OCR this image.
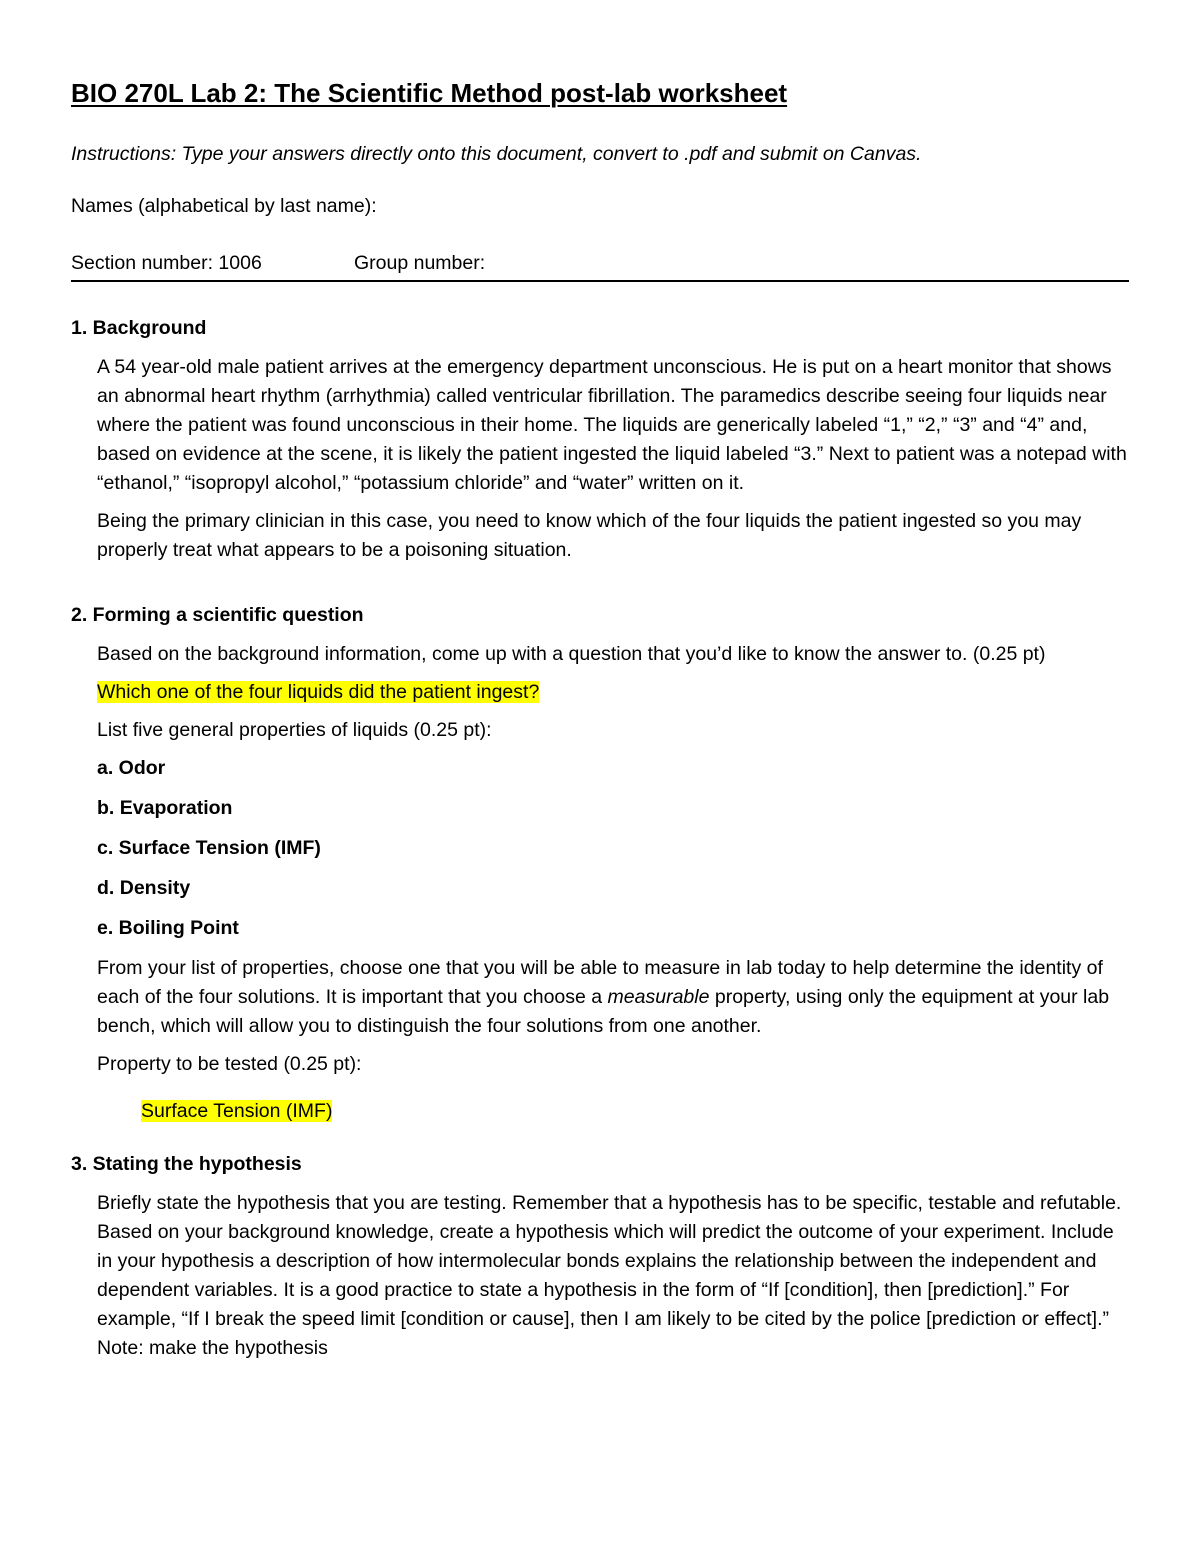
BIO 270L Lab 2: The Scientific Method post-lab worksheet
Instructions: Type your answers directly onto this document, convert to .pdf and submit on Canvas.
Names (alphabetical by last name):
Section number: 1006	Group number:
1. Background

A 54 year-old male patient arrives at the emergency department unconscious. He is put on a heart monitor that shows an abnormal heart rhythm (arrhythmia) called ventricular fibrillation. The paramedics describe seeing four liquids near where the patient was found unconscious in their home. The liquids are generically labeled “1,” “2,” “3” and “4” and, based on evidence at the scene, it is likely the patient ingested the liquid labeled “3.” Next to patient was a notepad with “ethanol,” “isopropyl alcohol,” “potassium chloride” and “water” written on it.

Being the primary clinician in this case, you need to know which of the four liquids the patient ingested so you may properly treat what appears to be a poisoning situation.

2. Forming a scientific question

Based on the background information, come up with a question that you’d like to know the answer to. (0.25 pt)

Which one of the four liquids did the patient ingest?

List five general properties of liquids (0.25 pt):

a. Odor
b. Evaporation
c. Surface Tension (IMF)
d. Density
e. Boiling Point

From your list of properties, choose one that you will be able to measure in lab today to help determine the identity of each of the four solutions. It is important that you choose a measurable property, using only the equipment at your lab bench, which will allow you to distinguish the four solutions from one another.

Property to be tested (0.25 pt):

Surface Tension (IMF)
3. Stating the hypothesis

Briefly state the hypothesis that you are testing. Remember that a hypothesis has to be specific, testable and refutable. Based on your background knowledge, create a hypothesis which will predict the outcome of your experiment. Include in your hypothesis a description of how intermolecular bonds explains the relationship between the independent and dependent variables. It is a good practice to state a hypothesis in the form of “If [condition], then [prediction].” For example, “If I break the speed limit [condition or cause], then I am likely to be cited by the police [prediction or effect].” Note: make the hypothesis
